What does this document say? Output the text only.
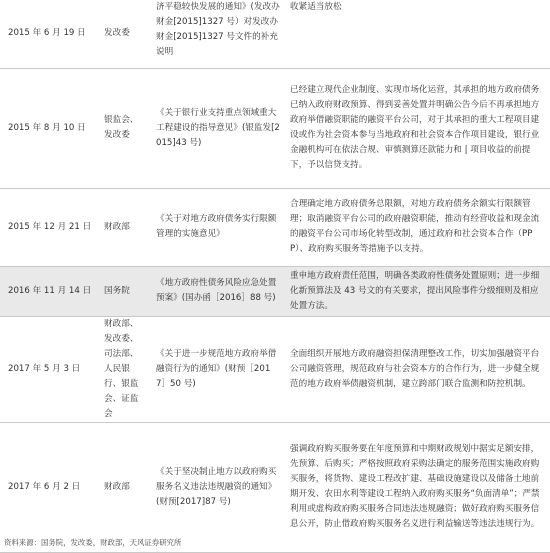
2015 年 6 月 19 日	发改委	济平稳较快发展的通知》(发改办财金[2015]1327 号）对发改办财金[2015]1327 号文件的补充说明	收紧适当放松
2015 年 8 月 10 日	银监会、发改委	《关于银行业支持重点领域重大工程建设的指导意见》(银监发[2015]43 号)	已经建立现代企业制度、实现市场化运营，其承担的地方政府债务已纳入政府财政预算、得到妥善处置并明确公告今后不再承担地方政府举借融资职能的融资平台公司，对于其承担的重大工程项目建设或作为社会资本参与当地政府和社会资本合作项目建设，银行业金融机构可在依法合规、审慎测算还款能力和 | 项目收益的前提下，予以信贷支持。
2015 年 12 月 21 日	财政部	《关于对地方政府债务实行限额管理的实施意见》	合理确定地方政府债务总限额，对地方政府债务余额实行限额管理；取消融资平台公司的政府融资职能，推动有经营收益和现金流的融资平台公司市场化转型改制，通过政府和社会资本合作（PPP）、政府购买服务等措施予以支持。
2016 年 11 月 14 日	国务院	《地方政府性债务风险应急处置预案》(国办函［2016］88 号)	重申地方政府责任范围，明确各类政府性债务处置原则；进一步细化新预算法及 43 号文的有关要求，提出风险事件分级细则及相应处置方法。
2017 年 5 月 3 日	财政部、发改委、司法部、人民银行、银监会、证监会	《关于进一步规范地方政府举借融资行为的通知》(财预［2017］50 号)	全面组织开展地方政府融资担保清理整改工作，切实加强融资平台公司融资管理，规范政府与社会资本方的合作行为，进一步健全规范的地方政府举债融资机制，建立跨部门联合监测和防控机制。
2017 年 6 月 2 日	财政部	《关于坚决制止地方以政府购买服务名义违法违规融资的通知》(财预[2017]87 号)	强调政府购买服务要在年度预算和中期财政规划中据实足额安排，先预算、后购买；严格按照政府采购法确定的服务范围实施政府购买服务，将货物、建设工程改扩建、基础设施建设以及储备土地前期开发、农田水利等建设工程纳入政府购买服务“负面清单”；严禁利用或虚构政府购买服务合同违法违规融资；做好政府购买服务信息公开，防止借政府购买服务名义进行利益输送等违法违规行为。
资料来源：国务院，发改委，财政部，天风证券研究所
